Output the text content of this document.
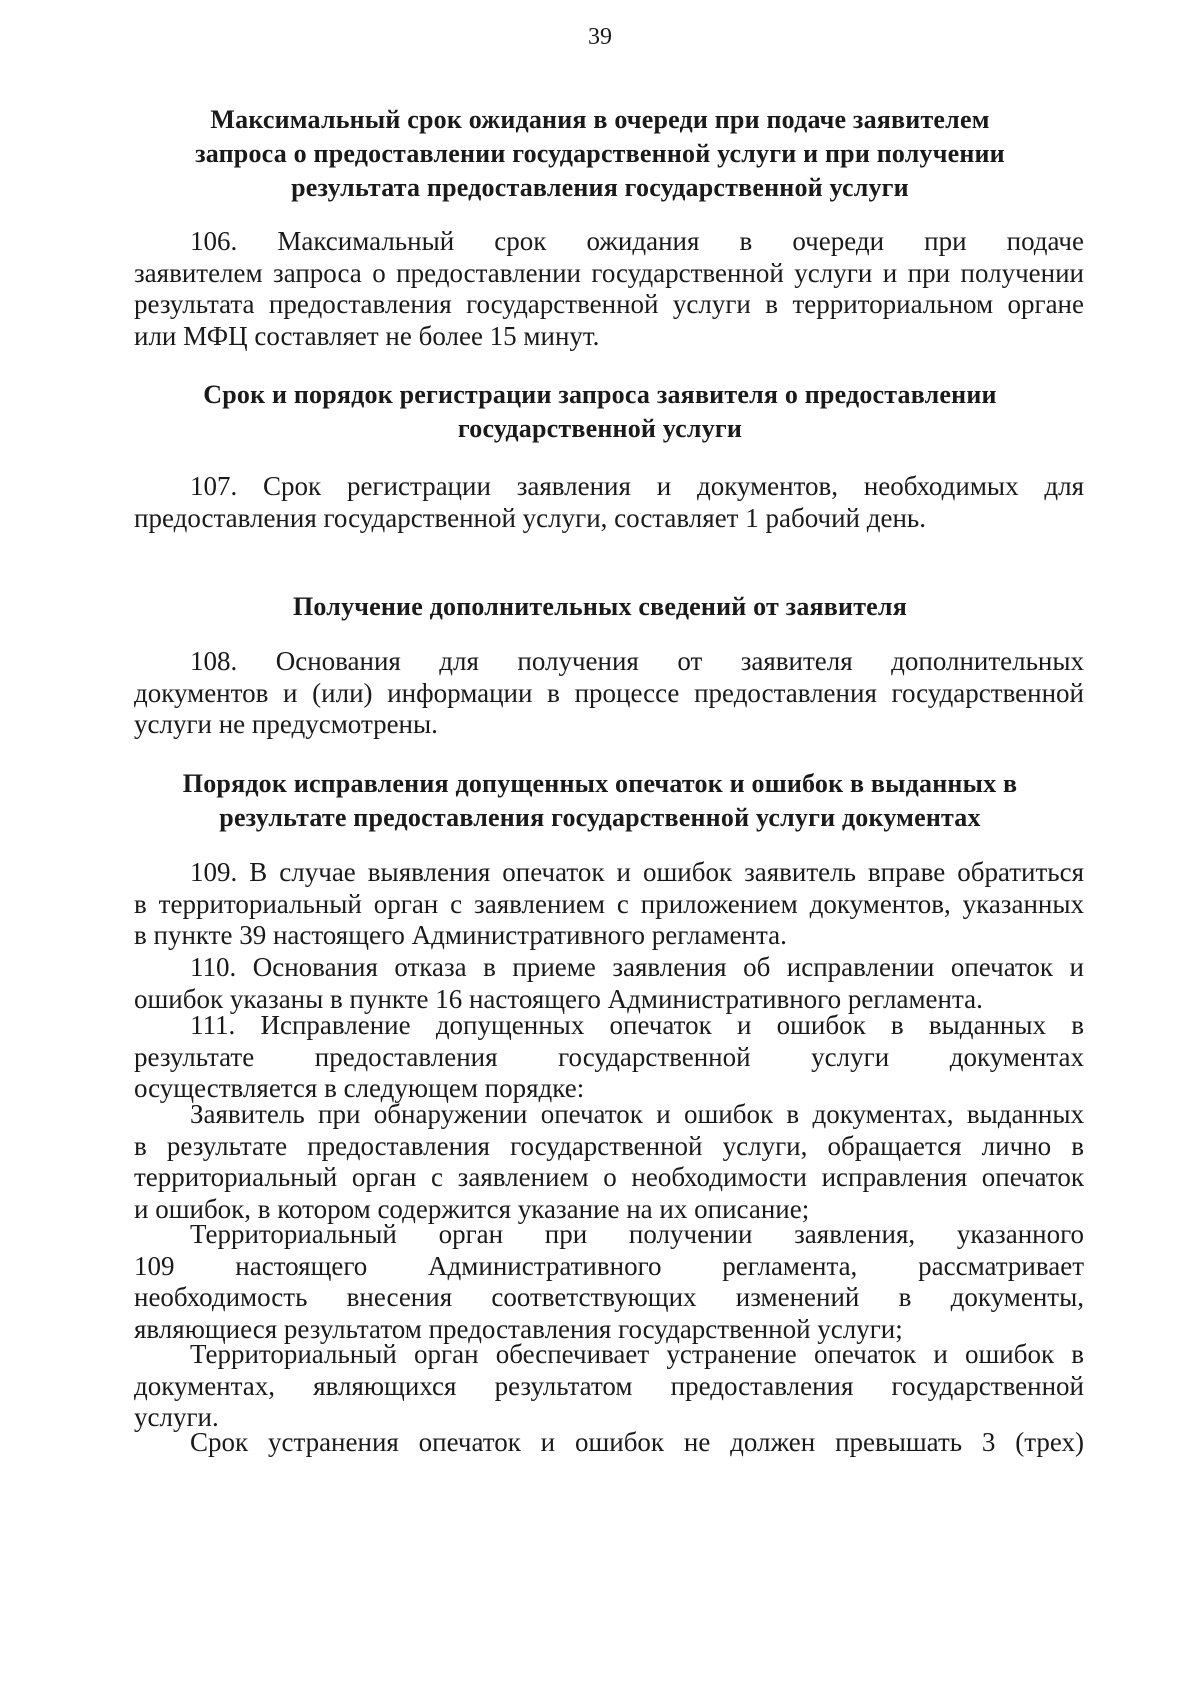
39
Максимальный срок ожидания в очереди при подаче заявителем
запроса о предоставлении государственной услуги и при получении
результата предоставления государственной услуги
106. Максимальный срок ожидания в очереди при подаче
заявителем запроса о предоставлении государственной услуги и при получении
результата предоставления государственной услуги в территориальном органе
или МФЦ составляет не более 15 минут.
Срок и порядок регистрации запроса заявителя о предоставлении
государственной услуги
107. Срок регистрации заявления и документов, необходимых для
предоставления государственной услуги, составляет 1 рабочий день.
Получение дополнительных сведений от заявителя
108. Основания для получения от заявителя дополнительных
документов и (или) информации в процессе предоставления государственной
услуги не предусмотрены.
Порядок исправления допущенных опечаток и ошибок в выданных в
результате предоставления государственной услуги документах
109. В случае выявления опечаток и ошибок заявитель вправе обратиться
в территориальный орган с заявлением с приложением документов, указанных
в пункте 39 настоящего Административного регламента.
110. Основания отказа в приеме заявления об исправлении опечаток и
ошибок указаны в пункте 16 настоящего Административного регламента.
111. Исправление допущенных опечаток и ошибок в выданных в
результате предоставления государственной услуги документах
осуществляется в следующем порядке:
Заявитель при обнаружении опечаток и ошибок в документах, выданных
в результате предоставления государственной услуги, обращается лично в
территориальный орган с заявлением о необходимости исправления опечаток
и ошибок, в котором содержится указание на их описание;
Территориальный орган при получении заявления, указанного
109 настоящего Административного регламента, рассматривает
необходимость внесения соответствующих изменений в документы,
являющиеся результатом предоставления государственной услуги;
Территориальный орган обеспечивает устранение опечаток и ошибок в
документах, являющихся результатом предоставления государственной
услуги.
Срок устранения опечаток и ошибок не должен превышать 3 (трех)
